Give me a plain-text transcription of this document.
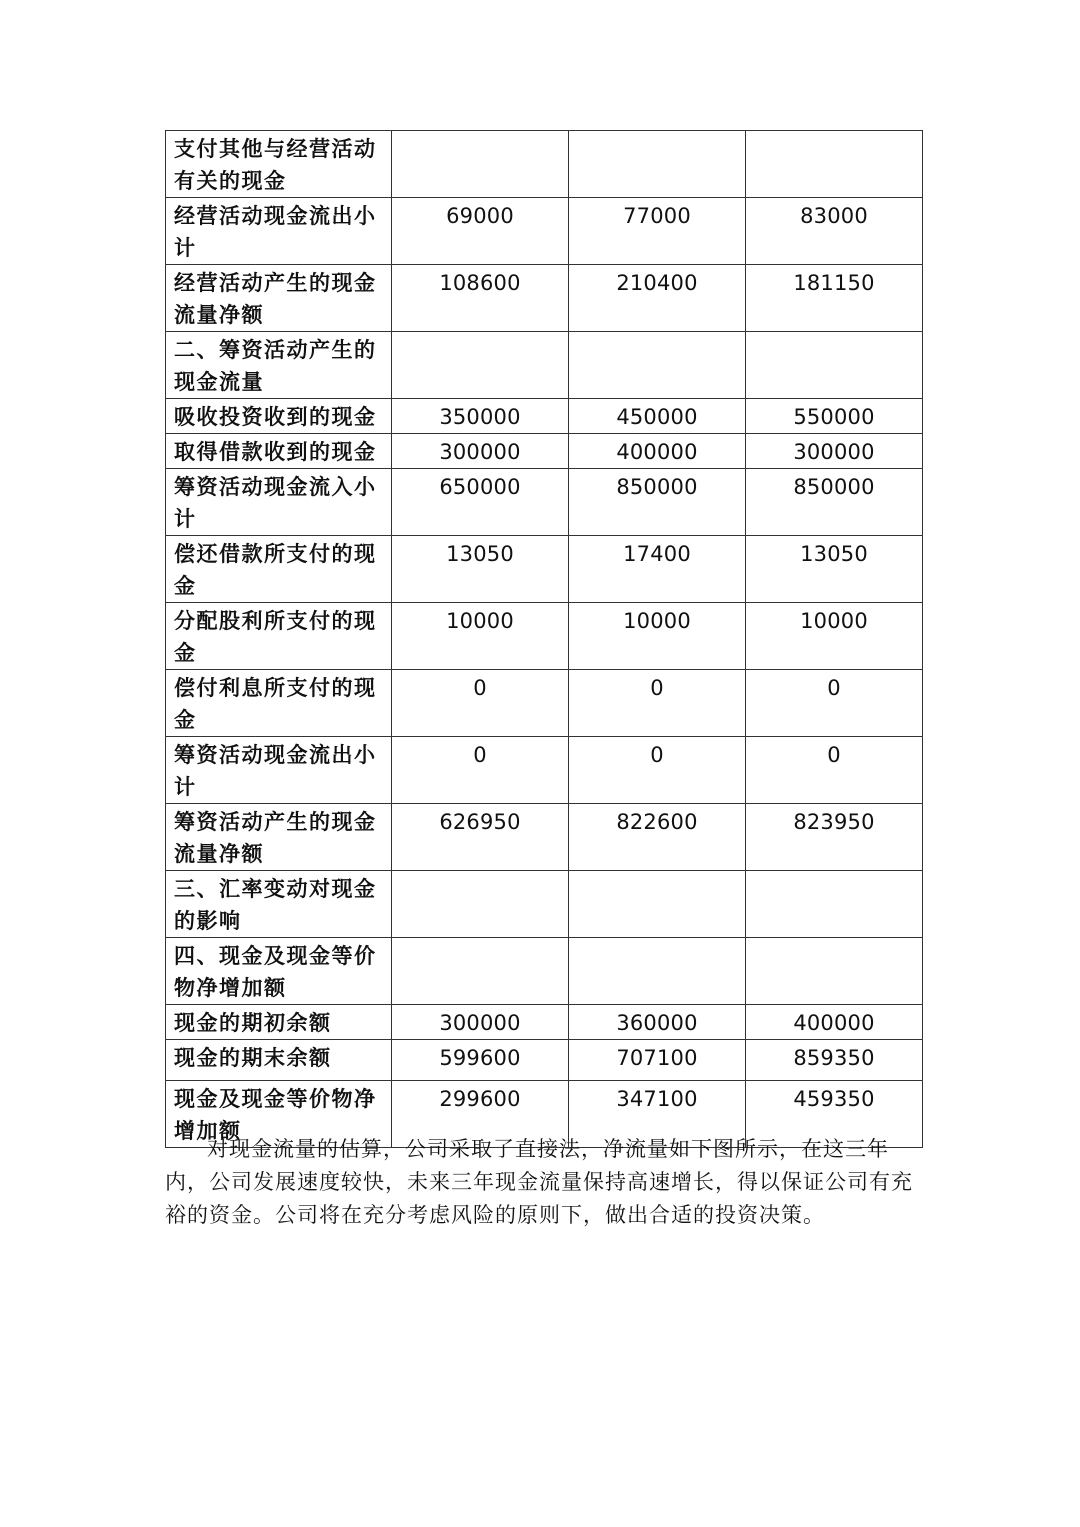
支付其他与经营活动有关的现金			
经营活动现金流出小计	69000	77000	83000
经营活动产生的现金流量净额	108600	210400	181150
二、筹资活动产生的现金流量			
吸收投资收到的现金	350000	450000	550000
取得借款收到的现金	300000	400000	300000
筹资活动现金流入小计	650000	850000	850000
偿还借款所支付的现金	13050	17400	13050
分配股利所支付的现金	10000	10000	10000
偿付利息所支付的现金	0	0	0
筹资活动现金流出小计	0	0	0
筹资活动产生的现金流量净额	626950	822600	823950
三、汇率变动对现金的影响			
四、现金及现金等价物净增加额			
现金的期初余额	300000	360000	400000
现金的期末余额	599600	707100	859350
现金及现金等价物净增加额	299600	347100	459350

对现金流量的估算，公司采取了直接法，净流量如下图所示，在这三年内，公司发展速度较快，未来三年现金流量保持高速增长，得以保证公司有充裕的资金。公司将在充分考虑风险的原则下，做出合适的投资决策。
